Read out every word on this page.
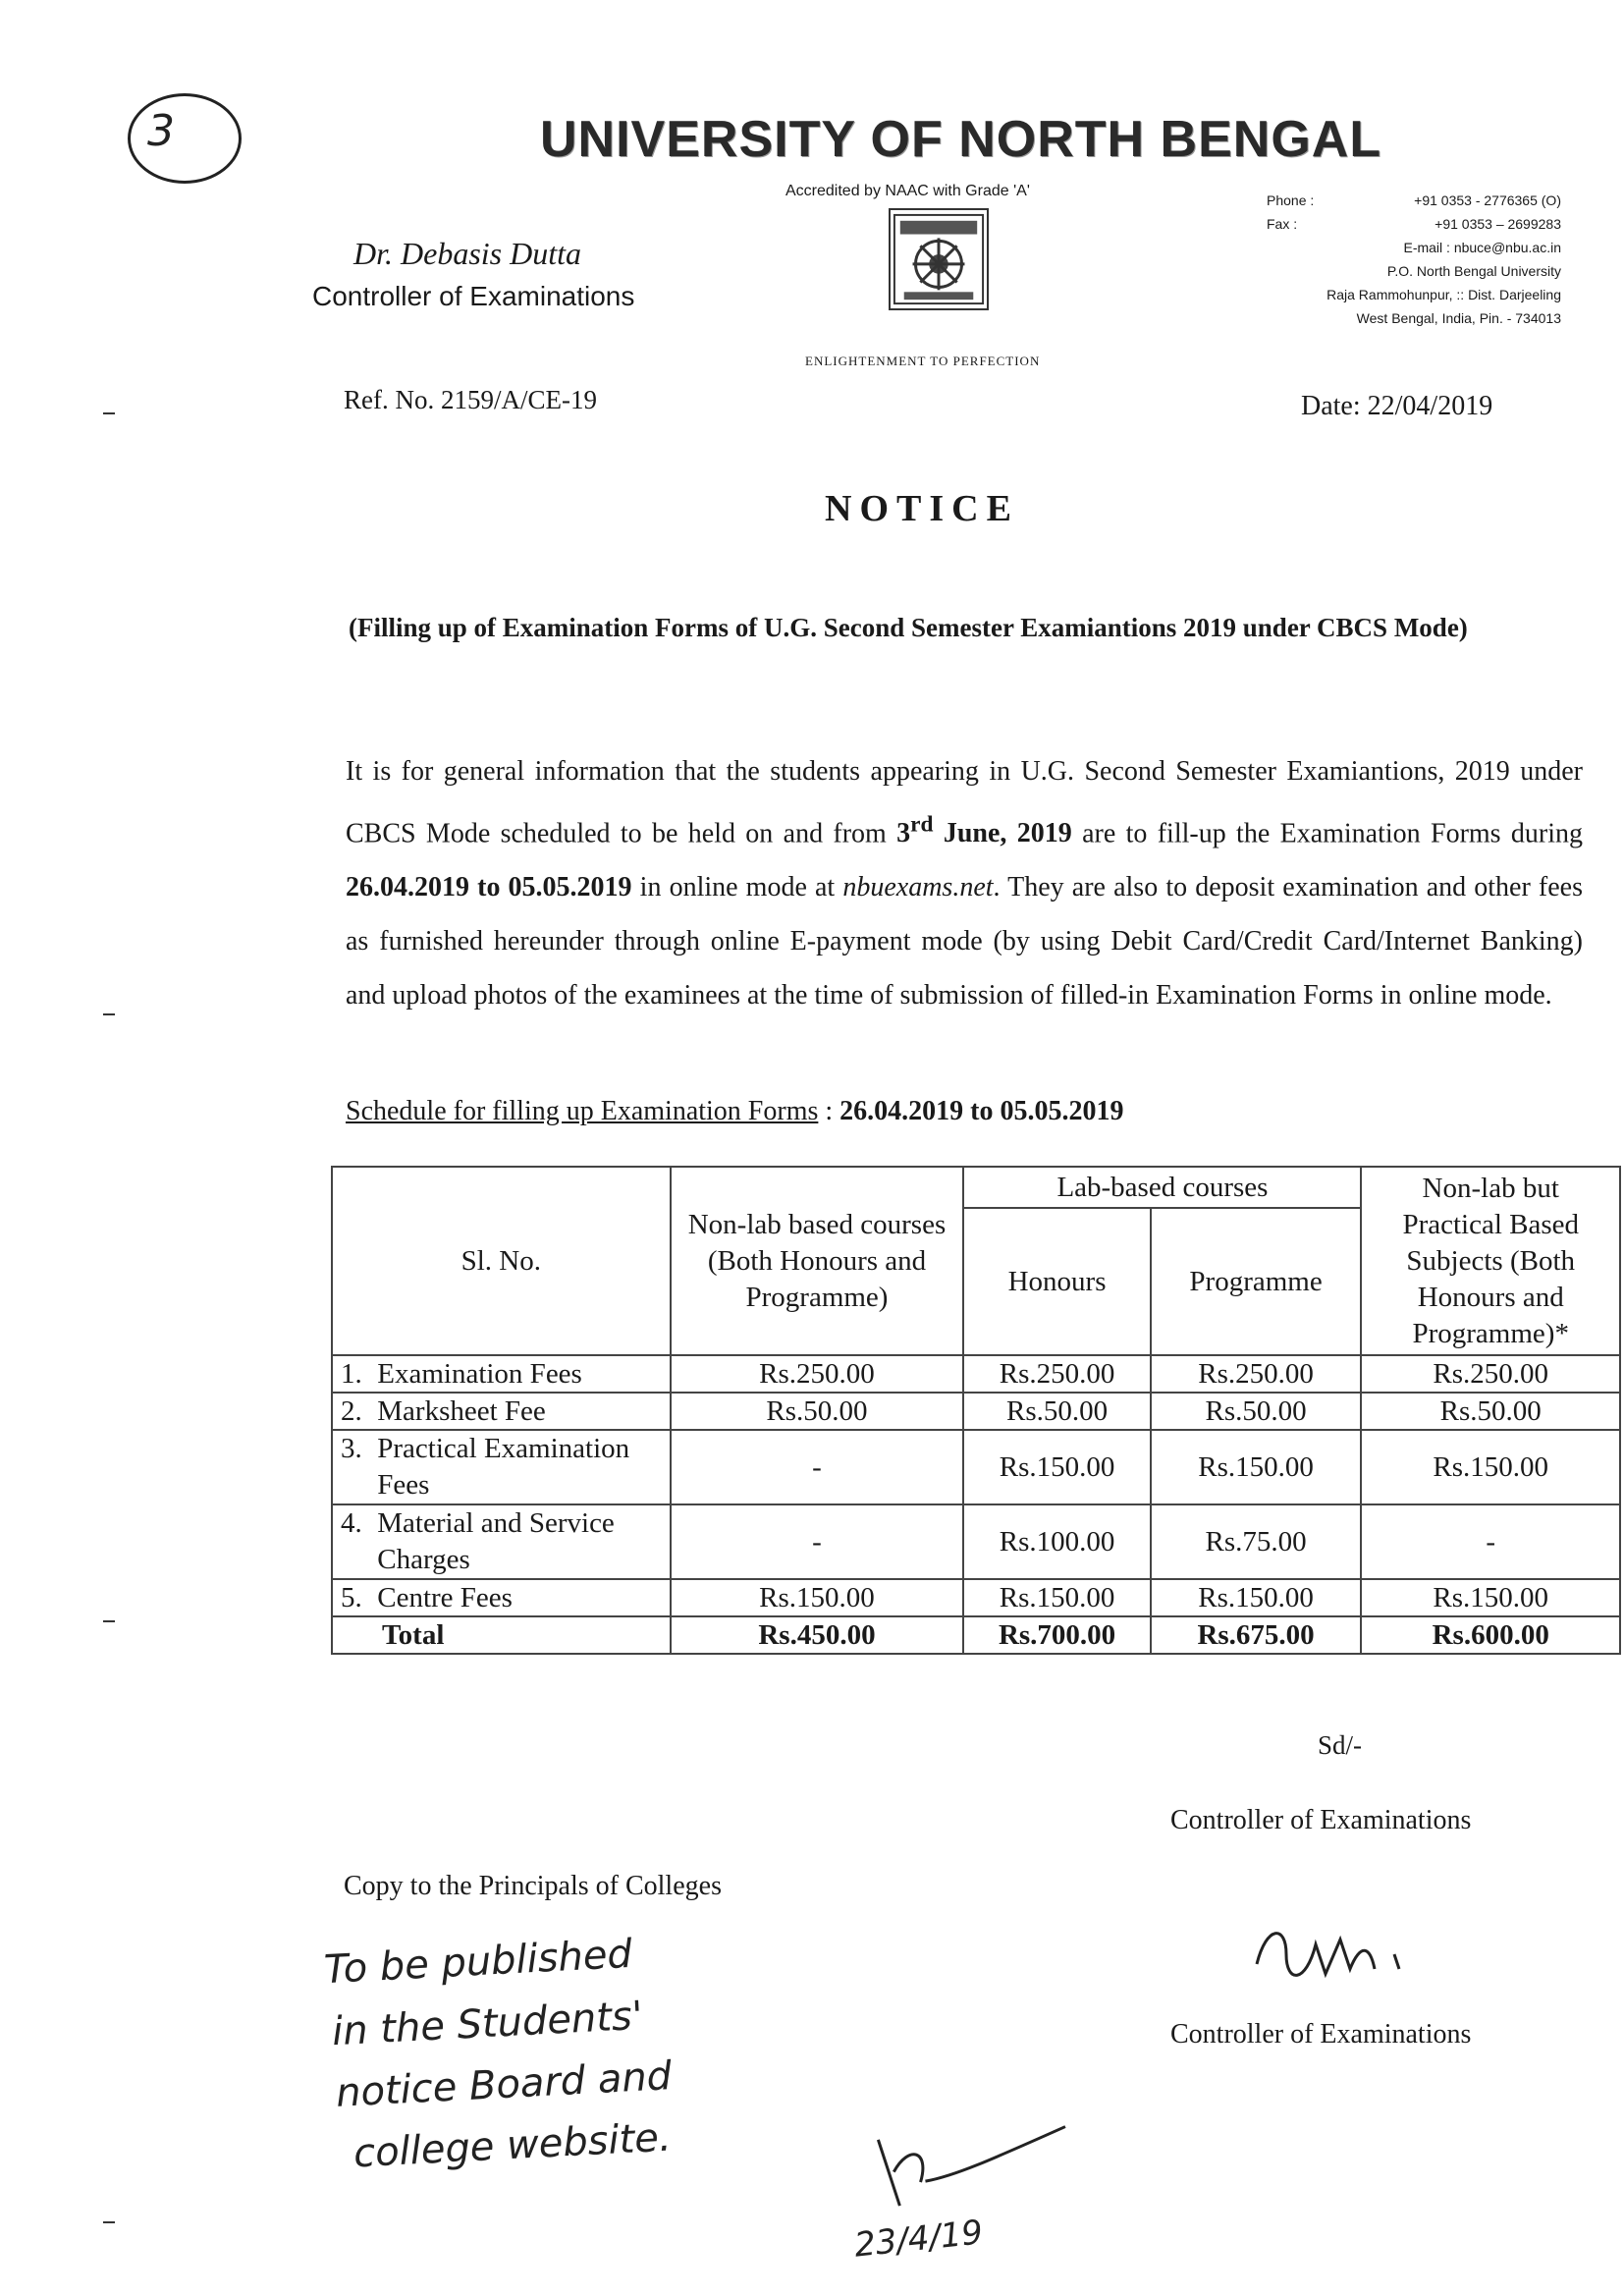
3	UNIVERSITY OF NORTH BENGAL
Accredited by NAAC with Grade 'A'
ENLIGHTENMENT TO PERFECTION
Dr. Debasis Dutta
Controller of Examinations
Phone :	+91 0353 - 2776365 (O)
Fax :	+91 0353 – 2699283
E-mail : nbuce@nbu.ac.in
P.O. North Bengal University
Raja Rammohunpur, :: Dist. Darjeeling
West Bengal, India, Pin. - 734013
Ref. No. 2159/A/CE-19	Date: 22/04/2019
NOTICE
(Filling up of Examination Forms of U.G. Second Semester Examiantions 2019 under CBCS Mode)
It is for general information that the students appearing in U.G. Second Semester Examiantions, 2019 under CBCS Mode scheduled to be held on and from 3rd June, 2019 are to fill-up the Examination Forms during 26.04.2019 to 05.05.2019 in online mode at nbuexams.net. They are also to deposit examination and other fees as furnished hereunder through online E-payment mode (by using Debit Card/Credit Card/Internet Banking) and upload photos of the examinees at the time of submission of filled-in Examination Forms in online mode.
Schedule for filling up Examination Forms : 26.04.2019 to 05.05.2019
Sl. No.	Non-lab based courses (Both Honours and Programme)	Lab-based courses		Non-lab but Practical Based Subjects (Both Honours and Programme)*
		Honours	Programme	
1. Examination Fees	Rs.250.00	Rs.250.00	Rs.250.00	Rs.250.00
2. Marksheet Fee	Rs.50.00	Rs.50.00	Rs.50.00	Rs.50.00
3. Practical Examination Fees	-	Rs.150.00	Rs.150.00	Rs.150.00
4. Material and Service Charges	-	Rs.100.00	Rs.75.00	-
5. Centre Fees	Rs.150.00	Rs.150.00	Rs.150.00	Rs.150.00
Total	Rs.450.00	Rs.700.00	Rs.675.00	Rs.600.00
Sd/-
Controller of Examinations
Controller of Examinations
Copy to the Principals of Colleges
To be published
in the Students'
notice Board and
college website.
23/4/19
